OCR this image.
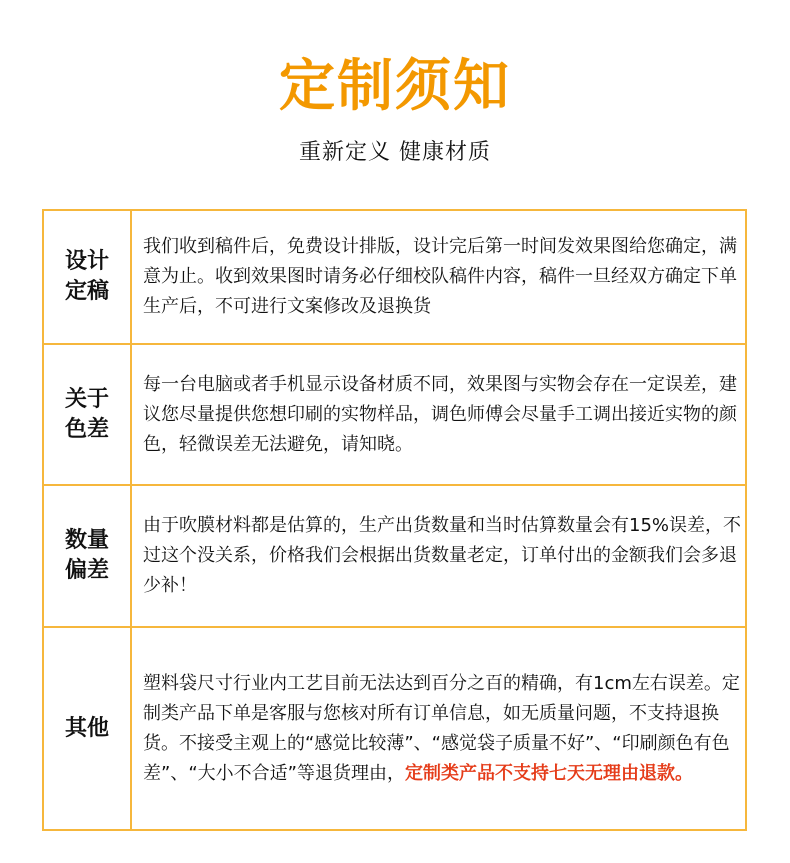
定制须知
重新定义 健康材质
设计定稿

我们收到稿件后，免费设计排版，设计完后第一时间发效果图给您确定，满意为止。收到效果图时请务必仔细校队稿件内容，稿件一旦经双方确定下单生产后，不可进行文案修改及退换货

关于色差

每一台电脑或者手机显示设备材质不同，效果图与实物会存在一定误差，建议您尽量提供您想印刷的实物样品，调色师傅会尽量手工调出接近实物的颜色，轻微误差无法避免，请知晓。

数量偏差

由于吹膜材料都是估算的，生产出货数量和当时估算数量会有15%误差，不过这个没关系，价格我们会根据出货数量老定，订单付出的金额我们会多退少补！

其他

塑料袋尺寸行业内工艺目前无法达到百分之百的精确，有1cm左右误差。定制类产品下单是客服与您核对所有订单信息，如无质量问题，不支持退换货。不接受主观上的“感觉比较薄”、“感觉袋子质量不好”、“印刷颜色有色差”、“大小不合适”等退货理由，定制类产品不支持七天无理由退款。
